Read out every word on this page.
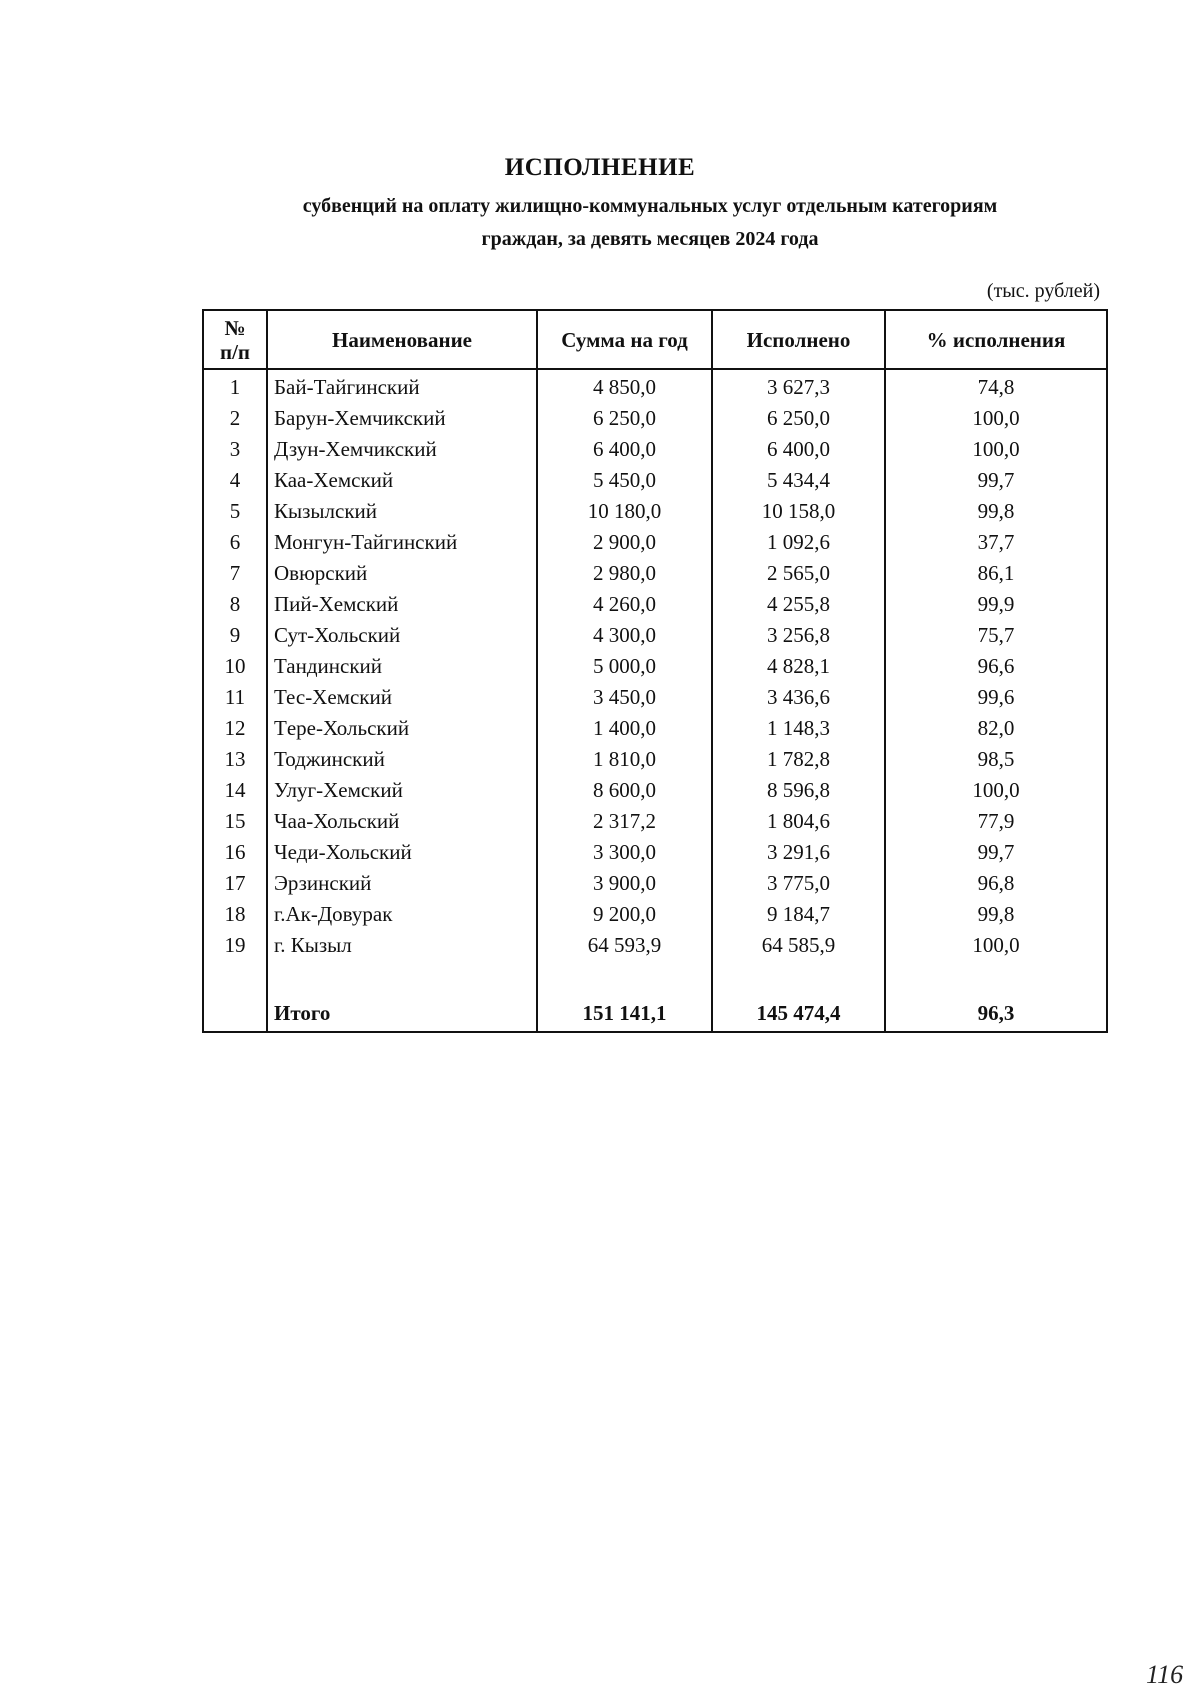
ИСПОЛНЕНИЕ
субвенций на оплату жилищно-коммунальных услуг отдельным категориям
граждан, за девять месяцев 2024 года
(тыс. рублей)
№
п/п	Наименование	Сумма на год	Исполнено	% исполнения
1	Бай-Тайгинский	4 850,0	3 627,3	74,8
2	Барун-Хемчикский	6 250,0	6 250,0	100,0
3	Дзун-Хемчикский	6 400,0	6 400,0	100,0
4	Каа-Хемский	5 450,0	5 434,4	99,7
5	Кызылский	10 180,0	10 158,0	99,8
6	Монгун-Тайгинский	2 900,0	1 092,6	37,7
7	Овюрский	2 980,0	2 565,0	86,1
8	Пий-Хемский	4 260,0	4 255,8	99,9
9	Сут-Хольский	4 300,0	3 256,8	75,7
10	Тандинский	5 000,0	4 828,1	96,6
11	Тес-Хемский	3 450,0	3 436,6	99,6
12	Tере-Хольский	1 400,0	1 148,3	82,0
13	Тоджинский	1 810,0	1 782,8	98,5
14	Улуг-Хемский	8 600,0	8 596,8	100,0
15	Чаа-Хольский	2 317,2	1 804,6	77,9
16	Чеди-Хольский	3 300,0	3 291,6	99,7
17	Эрзинский	3 900,0	3 775,0	96,8
18	г.Ак-Довурак	9 200,0	9 184,7	99,8
19	г. Кызыл	64 593,9	64 585,9	100,0

	Итого	151 141,1	145 474,4	96,3
116
